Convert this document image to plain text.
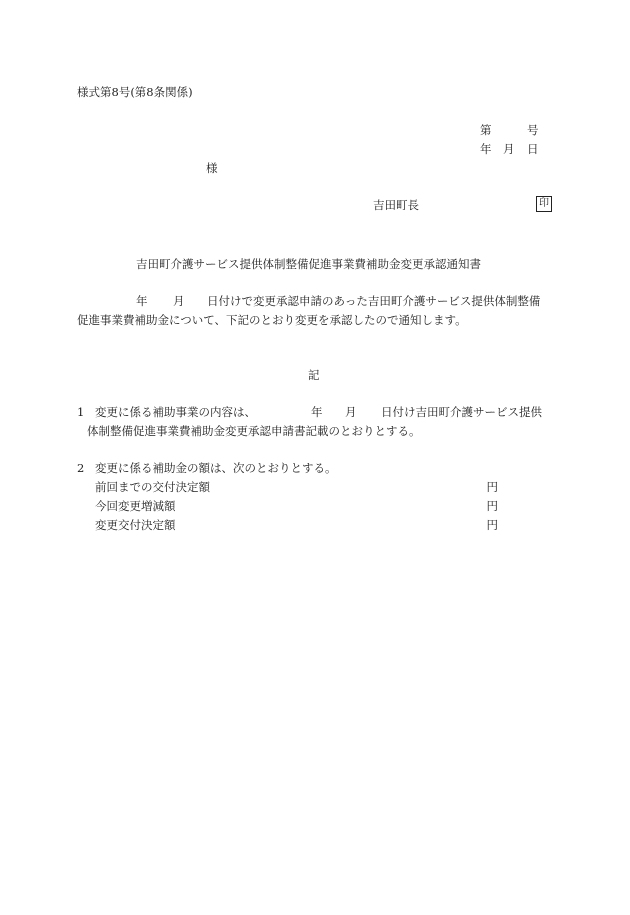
様式第8号(第8条関係)
第	号
年 月 日
様
吉田町長	印
吉田町介護サービス提供体制整備促進事業費補助金変更承認通知書
年 月 日付けで変更承認申請のあった吉田町介護サービス提供体制整備
促進事業費補助金について、下記のとおり変更を承認したので通知します。
記
1 変更に係る補助事業の内容は、	年 月 日付け吉田町介護サービス提供
体制整備促進事業費補助金変更承認申請書記載のとおりとする。
2 変更に係る補助金の額は、次のとおりとする。
前回までの交付決定額	円
今回変更増減額	円
変更交付決定額	円
